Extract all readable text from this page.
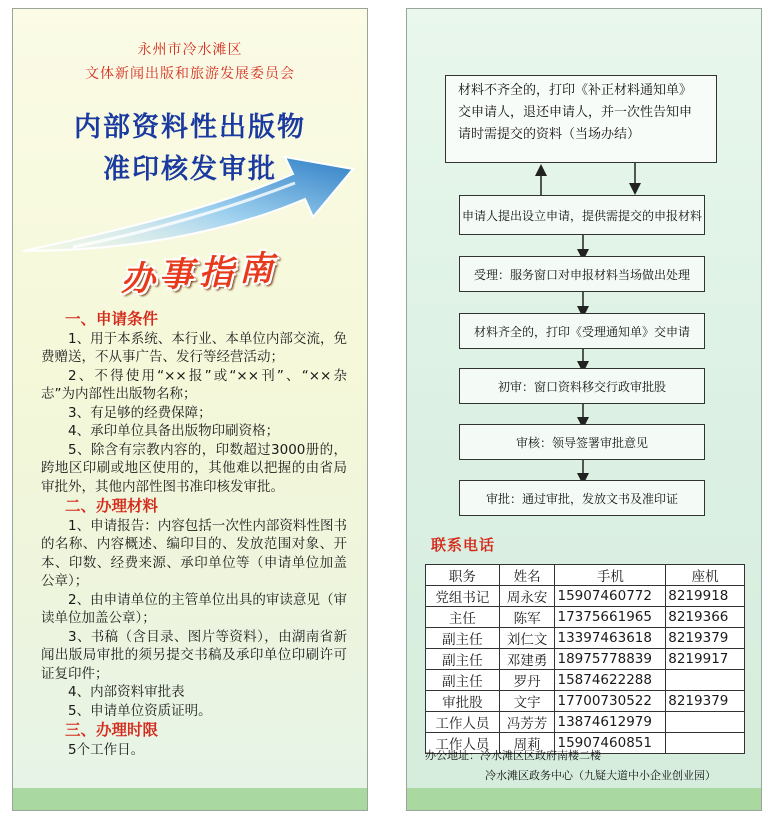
永州市冷水滩区
文体新闻出版和旅游发展委员会
内部资料性出版物
准印核发审批
办 事 指 南
一、申请条件

1、用于本系统、本行业、本单位内部交流，免费赠送，不从事广告、发行等经营活动；

2、不得使用“××报”或“××刊”、“××杂志”为内部性出版物名称；

3、有足够的经费保障；

4、承印单位具备出版物印刷资格；

5、除含有宗教内容的，印数超过3000册的，跨地区印刷或地区使用的，其他难以把握的由省局审批外，其他内部性图书准印核发审批。

二、办理材料

1、申请报告：内容包括一次性内部资料性图书的名称、内容概述、编印目的、发放范围对象、开本、印数、经费来源、承印单位等（申请单位加盖公章）；

2、由申请单位的主管单位出具的审读意见（审读单位加盖公章）；

3、书稿（含目录、图片等资料），由湖南省新闻出版局审批的须另提交书稿及承印单位印刷许可证复印件；

4、内部资料审批表

5、申请单位资质证明。

三、办理时限

5个工作日。

材料不齐全的，打印《补正材料通知单》交申请人，退还申请人，并一次性告知申请时需提交的资料（当场办结）
申请人提出设立申请，提供需提交的申报材料
受理：服务窗口对申报材料当场做出处理
材料齐全的，打印《受理通知单》交申请
初审：窗口资料移交行政审批股
审核：领导签署审批意见
审批：通过审批，发放文书及准印证
联系电话
职务	姓名	手机	座机
党组书记	周永安	15907460772	8219918
主任	陈军	17375661965	8219366
副主任	刘仁文	13397463618	8219379
副主任	邓建勇	18975778839	8219917
副主任	罗丹	15874622288	
审批股	文宇	17700730522	8219379
工作人员	冯芳芳	13874612979	
工作人员	周莉	15907460851	
办公地址：冷水滩区区政府南楼二楼
冷水滩区政务中心（九疑大道中小企业创业园）
